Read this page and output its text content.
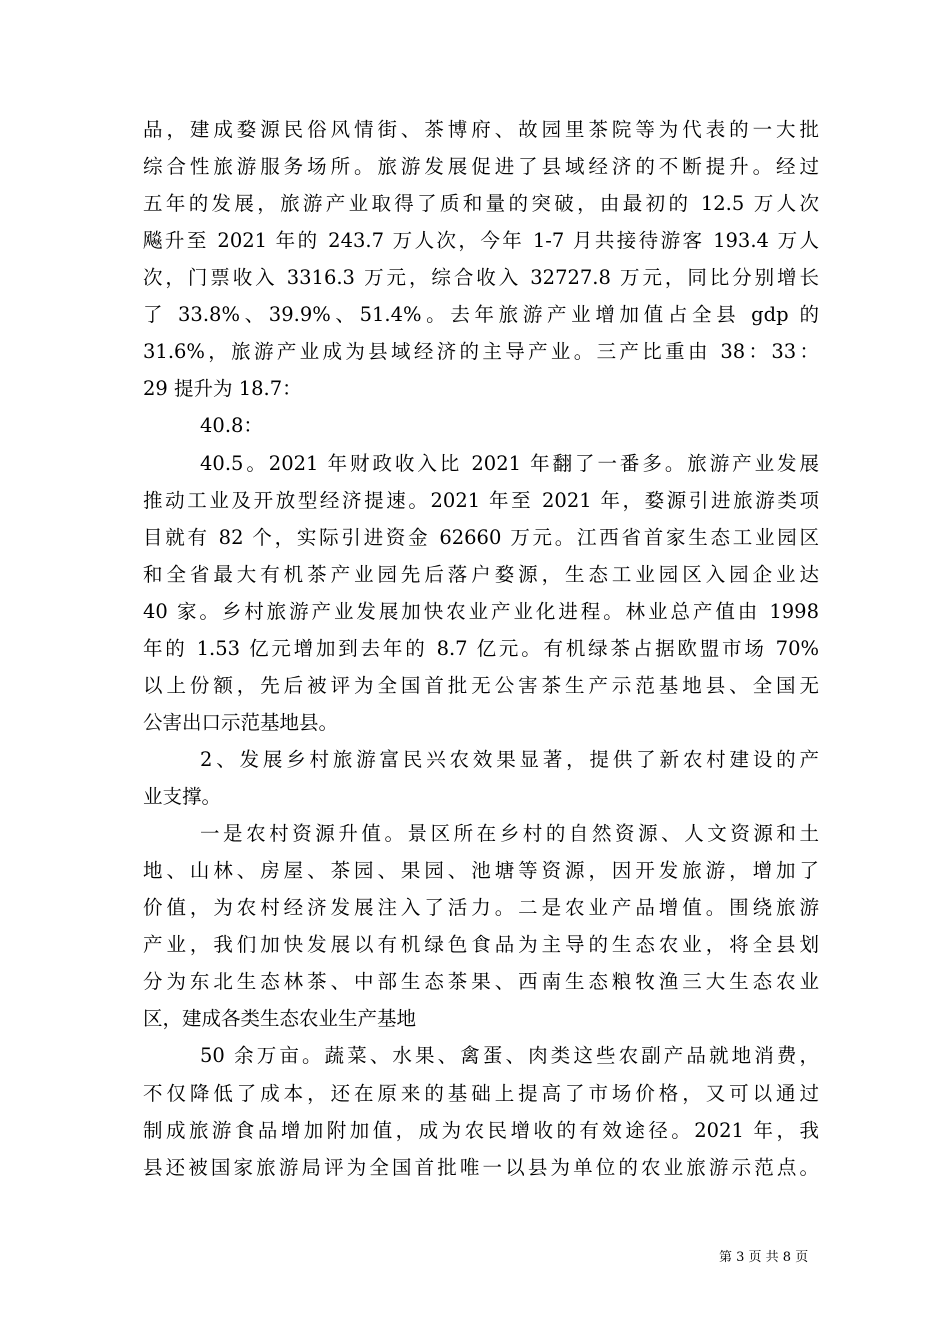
品，建成婺源民俗风情街、茶博府、故园里茶院等为代表的一大批
综合性旅游服务场所。旅游发展促进了县域经济的不断提升。经过
五年的发展，旅游产业取得了质和量的突破，由最初的 12.5 万人次
飚升至 2021 年的 243.7 万人次，今年 1-7 月共接待游客 193.4 万人
次，门票收入 3316.3 万元，综合收入 32727.8 万元，同比分别增长
了 33.8%、39.9%、51.4%。去年旅游产业增加值占全县 gdp 的
31.6%，旅游产业成为县域经济的主导产业。三产比重由 38：33：
29 提升为 18.7：
40.8：
40.5。2021 年财政收入比 2021 年翻了一番多。旅游产业发展
推动工业及开放型经济提速。2021 年至 2021 年，婺源引进旅游类项
目就有 82 个，实际引进资金 62660 万元。江西省首家生态工业园区
和全省最大有机茶产业园先后落户婺源，生态工业园区入园企业达
40 家。乡村旅游产业发展加快农业产业化进程。林业总产值由 1998
年的 1.53 亿元增加到去年的 8.7 亿元。有机绿茶占据欧盟市场 70%
以上份额，先后被评为全国首批无公害茶生产示范基地县、全国无
公害出口示范基地县。
2、发展乡村旅游富民兴农效果显著，提供了新农村建设的产
业支撑。
一是农村资源升值。景区所在乡村的自然资源、人文资源和土
地、山林、房屋、茶园、果园、池塘等资源，因开发旅游，增加了
价值，为农村经济发展注入了活力。二是农业产品增值。围绕旅游
产业，我们加快发展以有机绿色食品为主导的生态农业，将全县划
分为东北生态林茶、中部生态茶果、西南生态粮牧渔三大生态农业
区，建成各类生态农业生产基地
50 余万亩。蔬菜、水果、禽蛋、肉类这些农副产品就地消费，
不仅降低了成本，还在原来的基础上提高了市场价格，又可以通过
制成旅游食品增加附加值，成为农民增收的有效途径。2021 年，我
县还被国家旅游局评为全国首批唯一以县为单位的农业旅游示范点。
第 3 页 共 8 页
